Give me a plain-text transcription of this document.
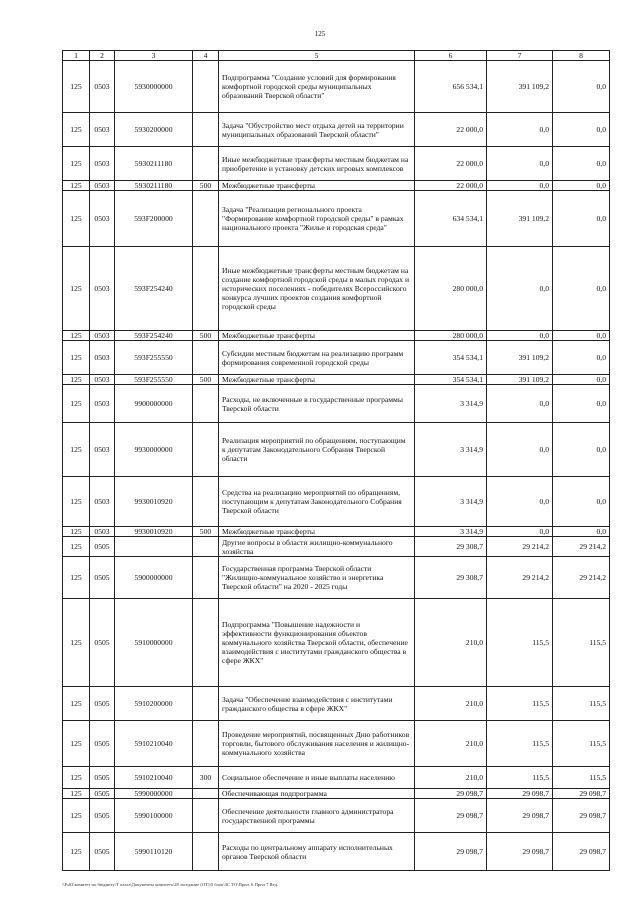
125
1	2	3	4	5	6	7	8
125	0503	5930000000		Подпрограмма "Создание условий для формирования комфортной городской среды муниципальных образований Тверской области"	656 534,1	391 109,2	0,0
125	0503	5930200000		Задача "Обустройство мест отдыха детей на территории муниципальных образований Тверской области"	22 000,0	0,0	0,0
125	0503	5930211180		Иные межбюджетные трансферты местным бюджетам на приобретение и установку детских игровых комплексов	22 000,0	0,0	0,0
125	0503	5930211180	500	Межбюджетные трансферты	22 000,0	0,0	0,0
125	0503	593F200000		Задача "Реализация регионального проекта "Формирование комфортной городской среды" в рамках национального проекта "Жилье и городская среда"	634 534,1	391 109,2	0,0
125	0503	593F254240		Иные межбюджетные трансферты местным бюджетам на создание комфортной городской среды в малых городах и исторических поселениях - победителях Всероссийского конкурса лучших проектов создания комфортной городской среды	280 000,0	0,0	0,0
125	0503	593F254240	500	Межбюджетные трансферты	280 000,0	0,0	0,0
125	0503	593F255550		Субсидии местным бюджетам на реализацию программ формирования современной городской среды	354 534,1	391 109,2	0,0
125	0503	593F255550	500	Межбюджетные трансферты	354 534,1	391 109,2	0,0
125	0503	9900000000		Расходы, не включенные в государственные программы Тверской области	3 314,9	0,0	0,0
125	0503	9930000000		Реализация мероприятий по обращениям, поступающим к депутатам Законодательного Собрания Тверской области	3 314,9	0,0	0,0
125	0503	9930010920		Средства на реализацию мероприятий по обращениям, поступающим к депутатам Законодательного Собрания Тверской области	3 314,9	0,0	0,0
125	0503	9930010920	500	Межбюджетные трансферты	3 314,9	0,0	0,0
125	0505			Другие вопросы в области жилищно-коммунального хозяйства	29 308,7	29 214,2	29 214,2
125	0505	5900000000		Государственная программа Тверской области "Жилищно-коммунальное хозяйство и энергетика Тверской области" на 2020 - 2025 годы	29 308,7	29 214,2	29 214,2
125	0505	5910000000		Подпрограмма "Повышение надежности и эффективности функционирования объектов коммунального хозяйства Тверской области, обеспечение взаимодействия с институтами гражданского общества в сфере ЖКХ"	210,0	115,5	115,5
125	0505	5910200000		Задача "Обеспечение взаимодействия с институтами гражданского общества в сфере ЖКХ"	210,0	115,5	115,5
125	0505	5910210040		Проведение мероприятий, посвященных Дню работников торговли, бытового обслуживания населения и жилищно-коммунального хозяйства	210,0	115,5	115,5
125	0505	5910210040	300	Социальное обеспечение и иные выплаты населению	210,0	115,5	115,5
125	0505	5990000000		Обеспечивающая подпрограмма	29 098,7	29 098,7	29 098,7
125	0505	5990100000		Обеспечение деятельности главного администратора государственной программы	29 098,7	29 098,7	29 098,7
125	0505	5990110120		Расходы по центральному аппарату исполнительных органов Тверской области	29 098,7	29 098,7	29 098,7
\\Fs02\комитет по бюджету\Т ольга\Документы комитета\28 заседание (ОТ)\5 блок\ЗС ТО\Прил. 6 Прил 7 Вед.
